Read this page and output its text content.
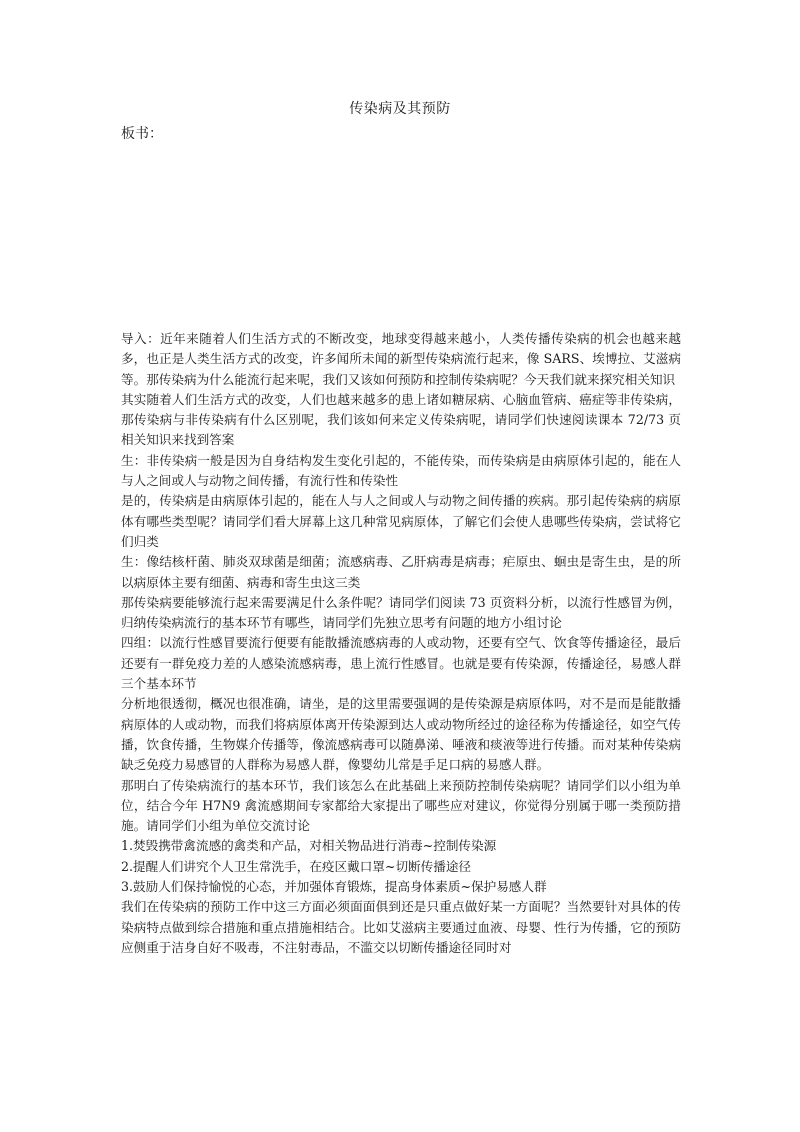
传染病及其预防
板书：

导入：近年来随着人们生活方式的不断改变，地球变得越来越小，人类传播传染病的机会也越来越多，也正是人类生活方式的改变，许多闻所未闻的新型传染病流行起来，像 SARS、埃博拉、艾滋病等。那传染病为什么能流行起来呢，我们又该如何预防和控制传染病呢？今天我们就来探究相关知识

其实随着人们生活方式的改变，人们也越来越多的患上诸如糖尿病、心脑血管病、癌症等非传染病，那传染病与非传染病有什么区别呢，我们该如何来定义传染病呢，请同学们快速阅读课本 72/73 页相关知识来找到答案

生：非传染病一般是因为自身结构发生变化引起的，不能传染，而传染病是由病原体引起的，能在人与人之间或人与动物之间传播，有流行性和传染性

是的，传染病是由病原体引起的，能在人与人之间或人与动物之间传播的疾病。那引起传染病的病原体有哪些类型呢？请同学们看大屏幕上这几种常见病原体，了解它们会使人患哪些传染病，尝试将它们归类

生：像结核杆菌、肺炎双球菌是细菌；流感病毒、乙肝病毒是病毒；疟原虫、蛔虫是寄生虫，是的所以病原体主要有细菌、病毒和寄生虫这三类

那传染病要能够流行起来需要满足什么条件呢？请同学们阅读 73 页资料分析，以流行性感冒为例，归纳传染病流行的基本环节有哪些，请同学们先独立思考有问题的地方小组讨论

四组：以流行性感冒要流行便要有能散播流感病毒的人或动物，还要有空气、饮食等传播途径，最后还要有一群免疫力差的人感染流感病毒，患上流行性感冒。也就是要有传染源，传播途径，易感人群三个基本环节

分析地很透彻，概况也很准确，请坐，是的这里需要强调的是传染源是病原体吗，对不是而是能散播病原体的人或动物，而我们将病原体离开传染源到达人或动物所经过的途径称为传播途径，如空气传播，饮食传播，生物媒介传播等，像流感病毒可以随鼻涕、唾液和痰液等进行传播。而对某种传染病缺乏免疫力易感冒的人群称为易感人群，像婴幼儿常是手足口病的易感人群。

那明白了传染病流行的基本环节，我们该怎么在此基础上来预防控制传染病呢？请同学们以小组为单位，结合今年 H7N9 禽流感期间专家都给大家提出了哪些应对建议，你觉得分别属于哪一类预防措施。请同学们小组为单位交流讨论

1.焚毁携带禽流感的禽类和产品，对相关物品进行消毒~控制传染源

2.提醒人们讲究个人卫生常洗手，在疫区戴口罩~切断传播途径

3.鼓励人们保持愉悦的心态，并加强体育锻炼，提高身体素质~保护易感人群

我们在传染病的预防工作中这三方面必须面面俱到还是只重点做好某一方面呢？当然要针对具体的传染病特点做到综合措施和重点措施相结合。比如艾滋病主要通过血液、母婴、性行为传播，它的预防应侧重于洁身自好不吸毒，不注射毒品，不滥交以切断传播途径同时对
